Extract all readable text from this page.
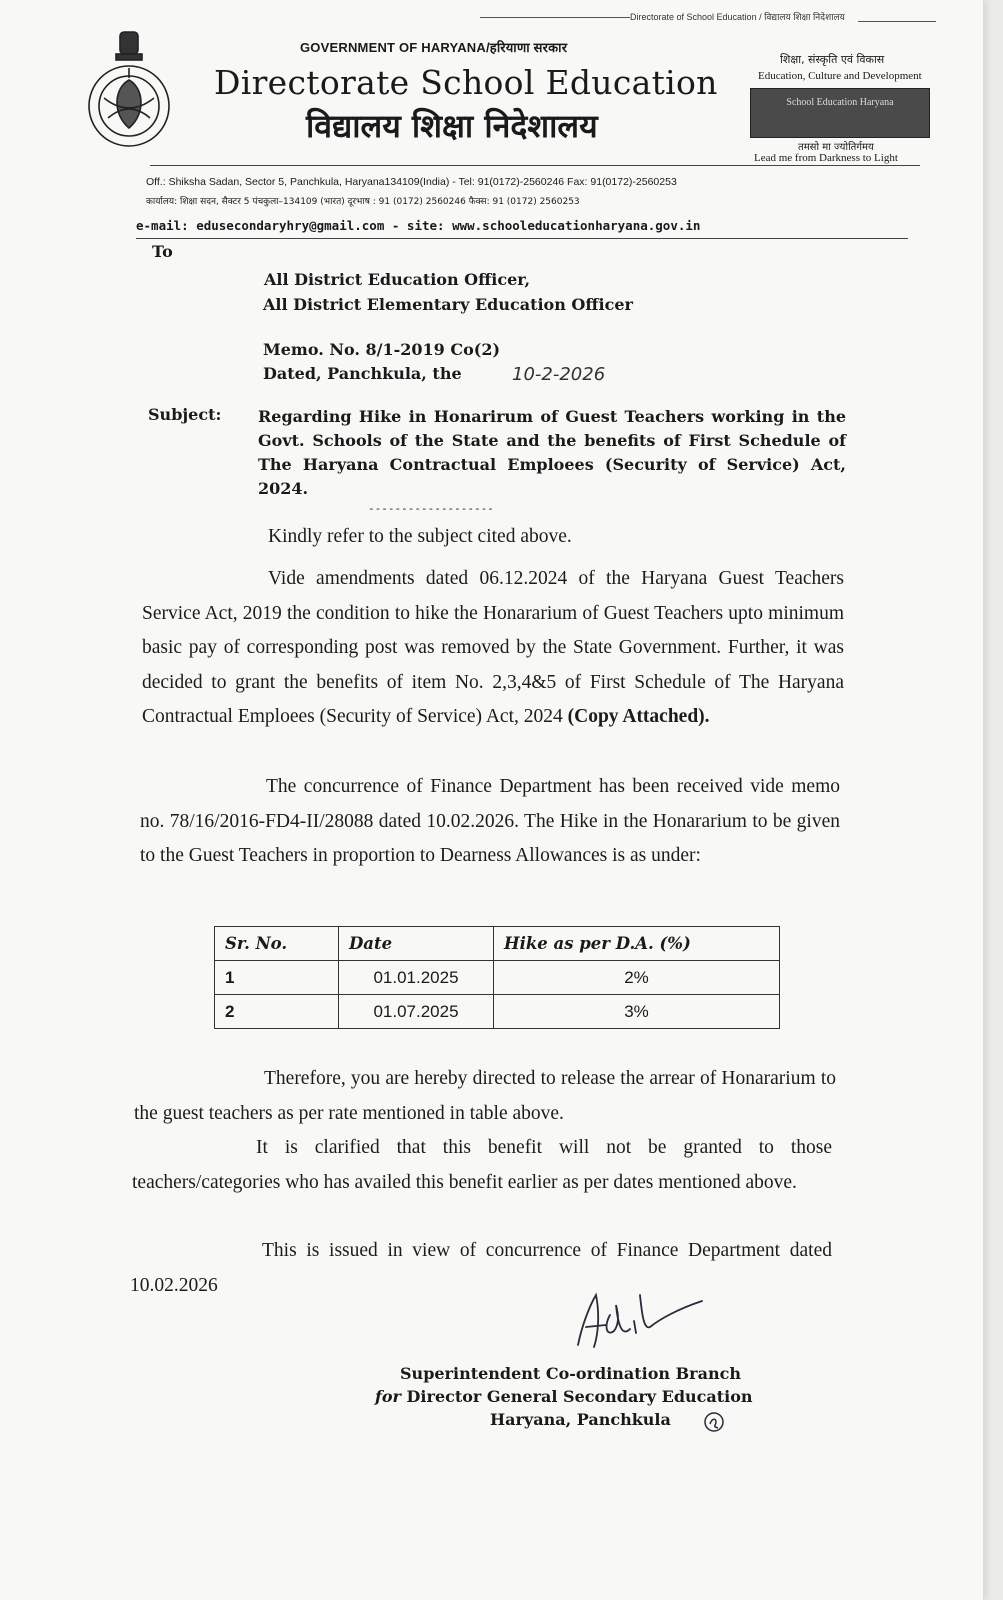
Directorate of School Education / विद्यालय शिक्षा निदेशालय
GOVERNMENT OF HARYANA/हरियाणा सरकार
Directorate School Education
विद्यालय शिक्षा निदेशालय
शिक्षा, संस्कृति एवं विकास
Education, Culture and Development
School Education Haryana
तमसो मा ज्योतिर्गमय
Lead me from Darkness to Light
Off.: Shiksha Sadan, Sector 5, Panchkula, Haryana134109(India) - Tel: 91(0172)-2560246 Fax: 91(0172)-2560253
कार्यालय: शिक्षा सदन, सैक्टर 5 पंचकुला–134109 (भारत) दूरभाष : 91 (0172) 2560246 फैक्स: 91 (0172) 2560253
e-mail: edusecondaryhry@gmail.com - site: www.schooleducationharyana.gov.in
To
All District Education Officer,
All District Elementary Education Officer
Memo. No. 8/1-2019 Co(2)
Dated, Panchkula, the	10-2-2026
Subject: Regarding Hike in Honarirum of Guest Teachers working in the Govt. Schools of the State and the benefits of First Schedule of The Haryana Contractual Emploees (Security of Service) Act, 2024.
-------------------
Kindly refer to the subject cited above.
Vide amendments dated 06.12.2024 of the Haryana Guest Teachers Service Act, 2019 the condition to hike the Honararium of Guest Teachers upto minimum basic pay of corresponding post was removed by the State Government. Further, it was decided to grant the benefits of item No. 2,3,4&5 of First Schedule of The Haryana Contractual Emploees (Security of Service) Act, 2024 (Copy Attached).
The concurrence of Finance Department has been received vide memo no. 78/16/2016-FD4-II/28088 dated 10.02.2026. The Hike in the Honararium to be given to the Guest Teachers in proportion to Dearness Allowances is as under:
Sr. No.	Date	Hike as per D.A. (%)
1	01.01.2025	2%
2	01.07.2025	3%
Therefore, you are hereby directed to release the arrear of Honararium to the guest teachers as per rate mentioned in table above.
It is clarified that this benefit will not be granted to those teachers/categories who has availed this benefit earlier as per dates mentioned above.
This is issued in view of concurrence of Finance Department dated 10.02.2026
Superintendent Co-ordination Branch
for Director General Secondary Education
Haryana, Panchkula
